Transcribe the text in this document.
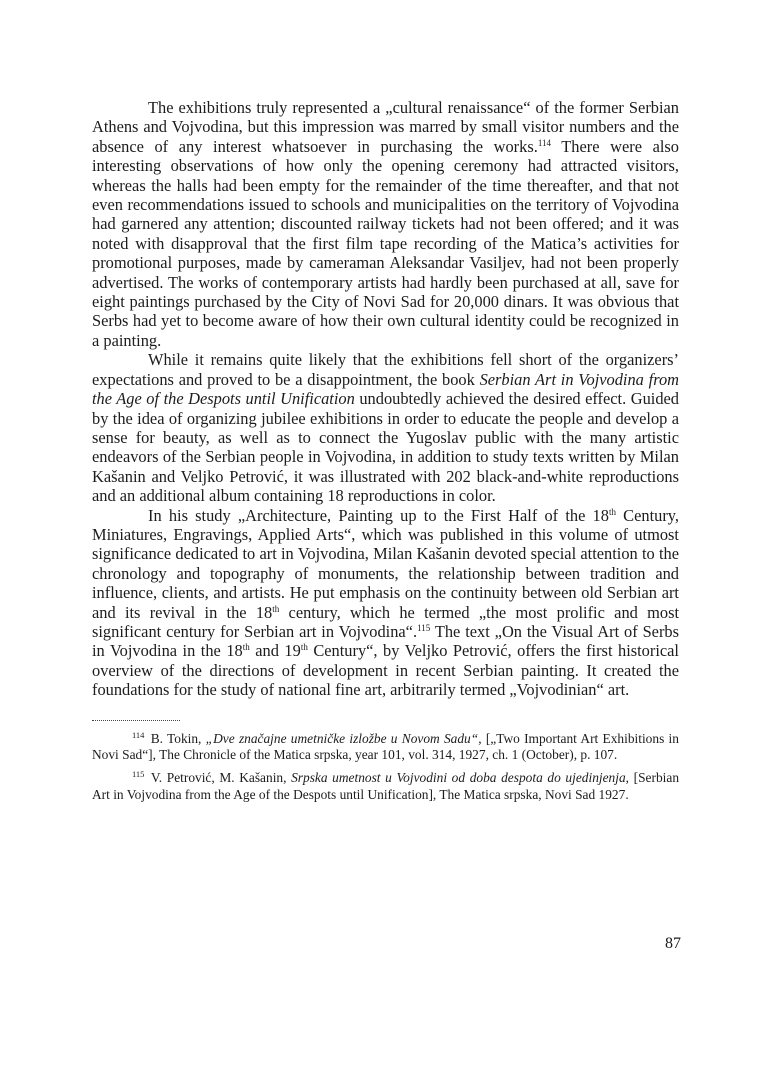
The exhibitions truly represented a „cultural renaissance“ of the former Serbian Athens and Vojvodina, but this impression was marred by small visitor numbers and the absence of any interest whatsoever in purchasing the works.$^{114}$ There were also interesting observations of how only the opening ceremony had attracted visitors, whereas the halls had been empty for the remainder of the time thereafter, and that not even recommendations issued to schools and municipalities on the territory of Vojvodina had garnered any attention; discounted railway tickets had not been offered; and it was noted with disapproval that the first film tape recording of the Matica’s activities for promotional purposes, made by cameraman Aleksandar Vasiljev, had not been properly advertised. The works of contemporary artists had hardly been purchased at all, save for eight paintings purchased by the City of Novi Sad for 20,000 dinars. It was obvious that Serbs had yet to become aware of how their own cultural identity could be recognized in a painting.

While it remains quite likely that the exhibitions fell short of the organizers’ expectations and proved to be a disappointment, the book Serbian Art in Vojvodina from the Age of the Despots until Unification undoubtedly achieved the desired effect. Guided by the idea of organizing jubilee exhibitions in order to educate the people and develop a sense for beauty, as well as to connect the Yugoslav public with the many artistic endeavors of the Serbian people in Vojvodina, in addition to study texts written by Milan Kašanin and Veljko Petrović, it was illustrated with 202 black-and-white reproductions and an additional album containing 18 reproductions in color.

In his study „Architecture, Painting up to the First Half of the 18th Century, Miniatures, Engravings, Applied Arts“, which was published in this volume of utmost significance dedicated to art in Vojvodina, Milan Kašanin devoted special attention to the chronology and topography of monuments, the relationship between tradition and influence, clients, and artists. He put emphasis on the continuity between old Serbian art and its revival in the 18th century, which he termed „the most prolific and most significant century for Serbian art in Vojvodina“.$^{115}$ The text „On the Visual Art of Serbs in Vojvodina in the 18th and 19th Century“, by Veljko Petrović, offers the first historical overview of the directions of development in recent Serbian painting. It created the foundations for the study of national fine art, arbitrarily termed „Vojvodinian“ art.

$^{114}$ B. Tokin, „Dve značajne umetničke izložbe u Novom Sadu“, [„Two Important Art Exhibitions in Novi Sad“], The Chronicle of the Matica srpska, year 101, vol. 314, 1927, ch. 1 (October), p. 107.

$^{115}$ V. Petrović, M. Kašanin, Srpska umetnost u Vojvodini od doba despota do ujedinjenja, [Serbian Art in Vojvodina from the Age of the Despots until Unification], The Matica srpska, Novi Sad 1927.

87
